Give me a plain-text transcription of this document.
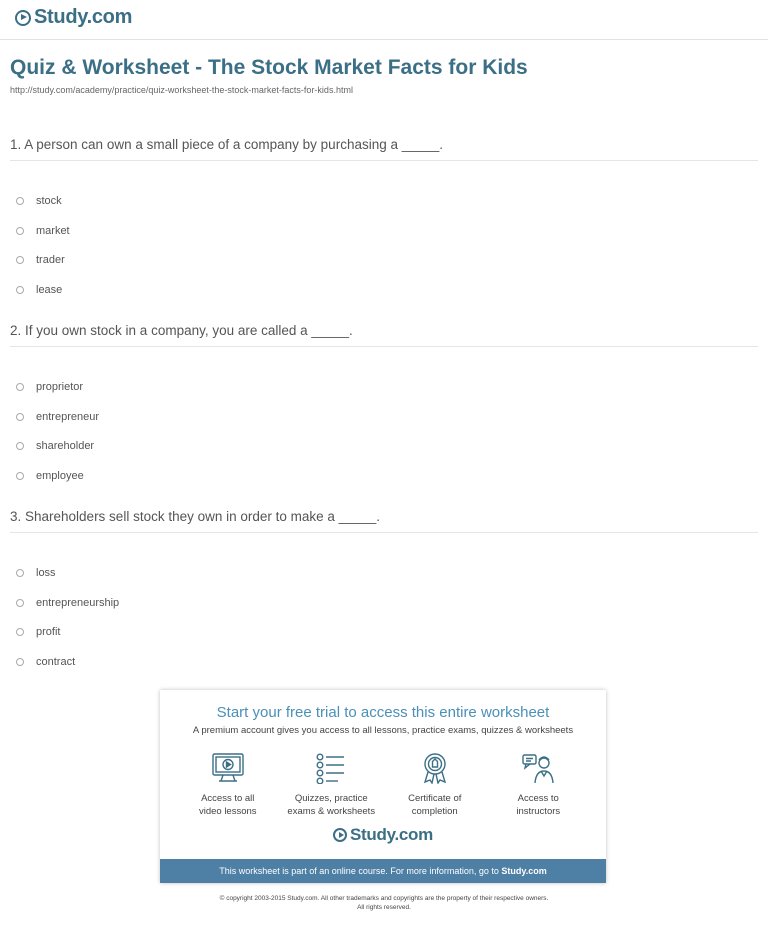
Study.com
Quiz & Worksheet - The Stock Market Facts for Kids
http://study.com/academy/practice/quiz-worksheet-the-stock-market-facts-for-kids.html
1. A person can own a small piece of a company by purchasing a _____.
stock
market
trader
lease
2. If you own stock in a company, you are called a _____.
proprietor
entrepreneur
shareholder
employee
3. Shareholders sell stock they own in order to make a _____.
loss
entrepreneurship
profit
contract
Start your free trial to access this entire worksheet
A premium account gives you access to all lessons, practice exams, quizzes & worksheets
Access to all
video lessons
Quizzes, practice
exams & worksheets
Certificate of
completion
Access to
instructors
Study.com
This worksheet is part of an online course. For more information, go to Study.com
© copyright 2003-2015 Study.com. All other trademarks and copyrights are the property of their respective owners.
All rights reserved.
